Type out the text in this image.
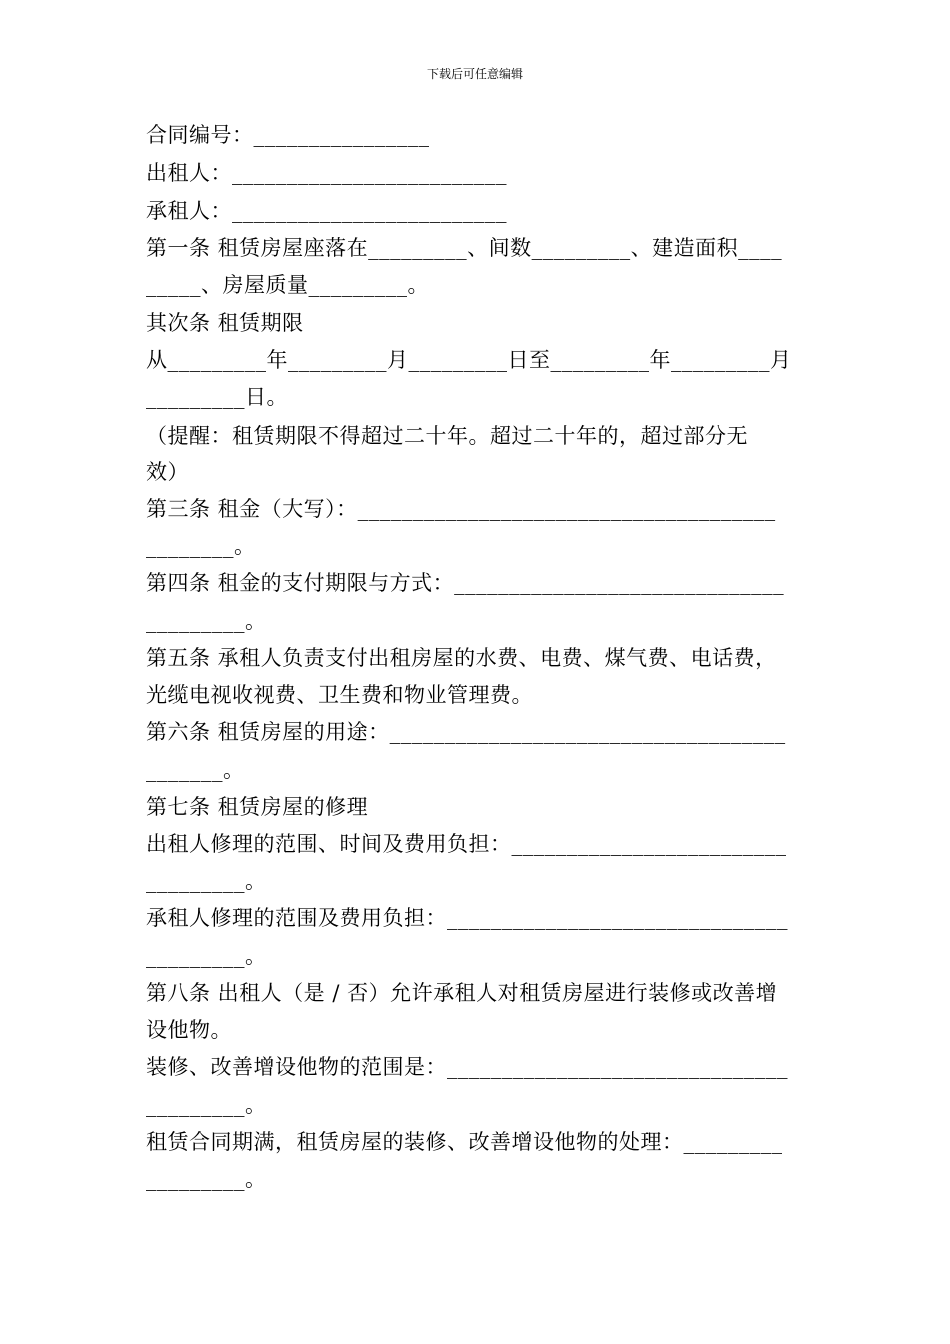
下载后可任意编辑
合同编号：________________
出租人：_________________________
承租人：_________________________
第一条 租赁房屋座落在_________、间数_________、建造面积____
_____、房屋质量_________。
其次条 租赁期限
从_________年_________月_________日至_________年_________月
_________日。
（提醒：租赁期限不得超过二十年。超过二十年的，超过部分无
效）
第三条 租金（大写）：______________________________________
________。
第四条 租金的支付期限与方式：______________________________
_________。
第五条 承租人负责支付出租房屋的水费、电费、煤气费、电话费，
光缆电视收视费、卫生费和物业管理费。
第六条 租赁房屋的用途：____________________________________
_______。
第七条 租赁房屋的修理
出租人修理的范围、时间及费用负担：_________________________
_________。
承租人修理的范围及费用负担：_______________________________
_________。
第八条 出租人（是 / 否）允许承租人对租赁房屋进行装修或改善增
设他物。
装修、改善增设他物的范围是：_______________________________
_________。
租赁合同期满，租赁房屋的装修、改善增设他物的处理：_________
_________。
